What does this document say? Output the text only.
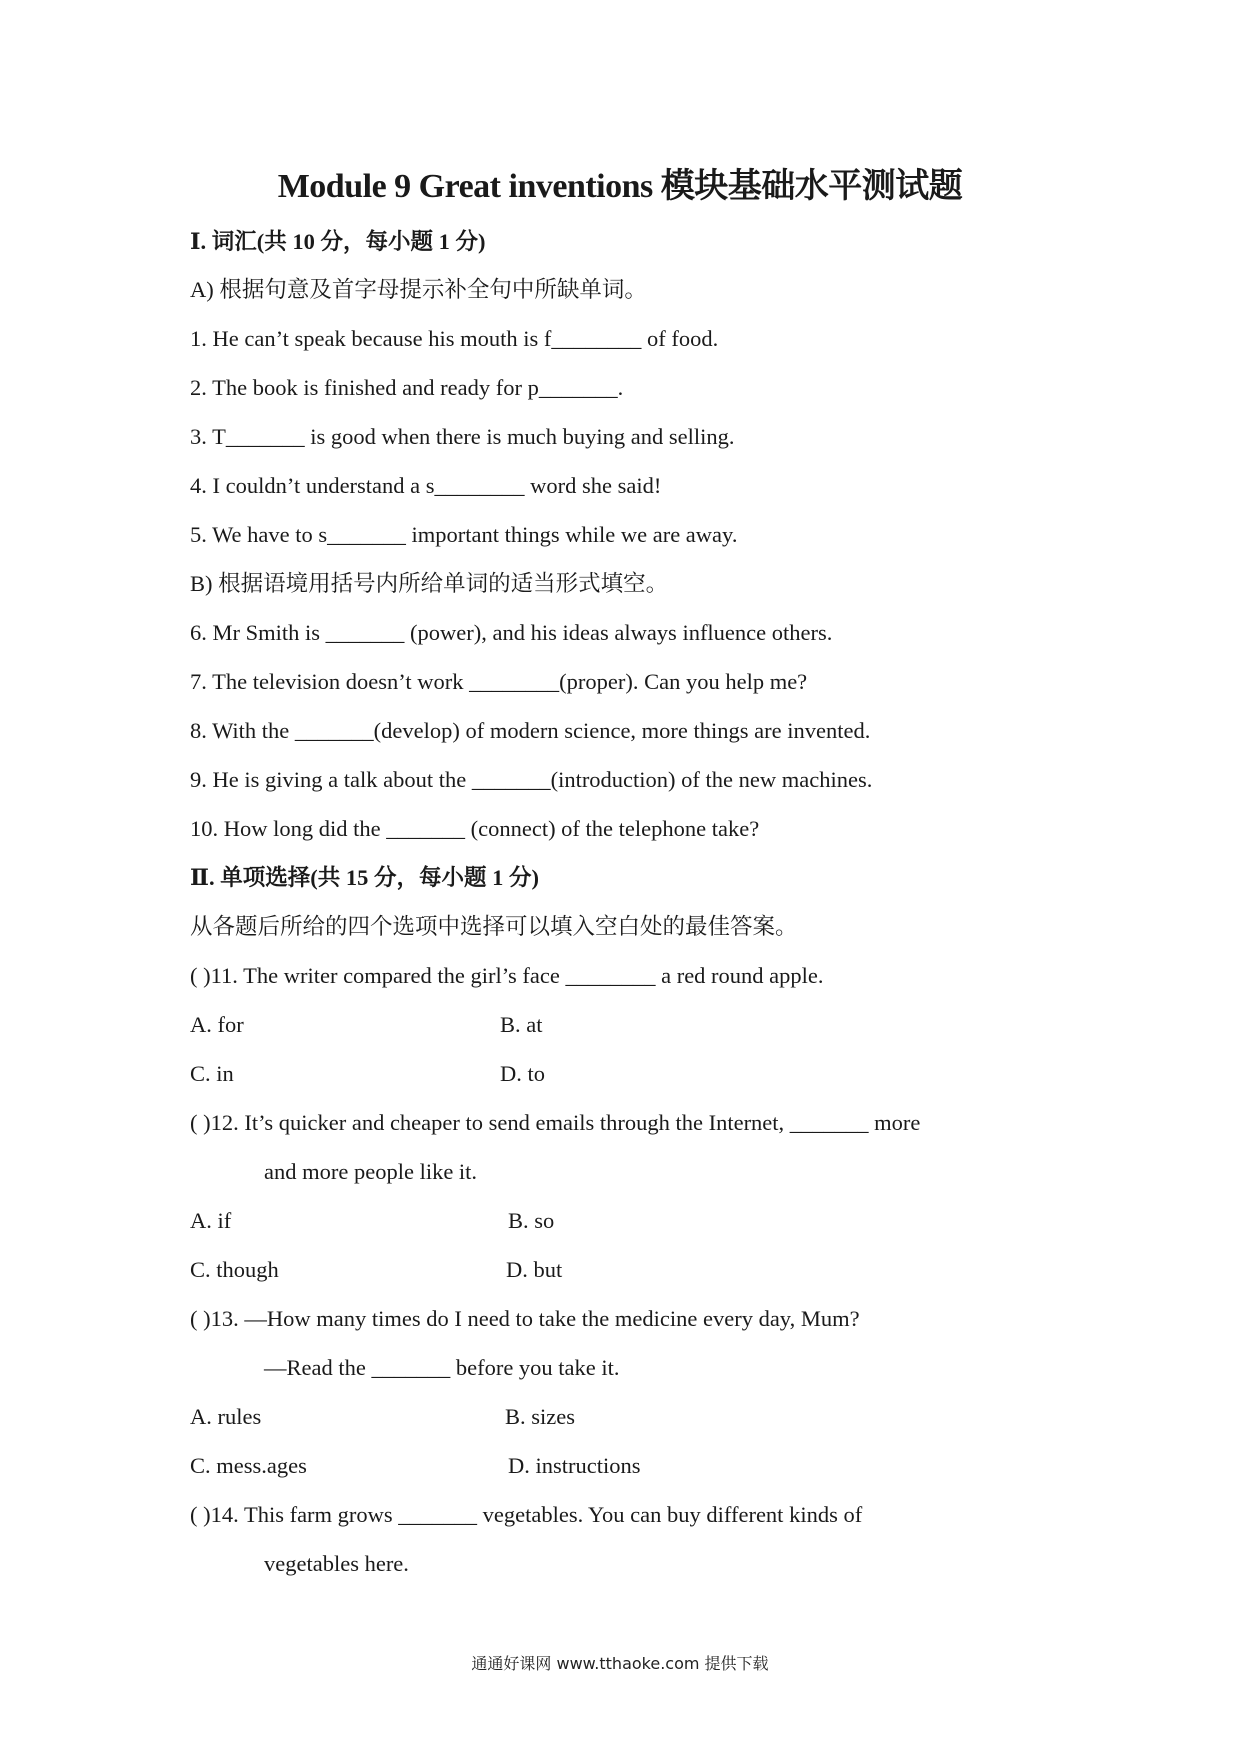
Module 9 Great inventions 模块基础水平测试题
Ⅰ. 词汇(共 10 分，每小题 1 分)
A) 根据句意及首字母提示补全句中所缺单词。
1. He can’t speak because his mouth is f________ of food.
2. The book is finished and ready for p_______.
3. T_______ is good when there is much buying and selling.
4. I couldn’t understand a s________ word she said!
5. We have to s_______ important things while we are away.
B) 根据语境用括号内所给单词的适当形式填空。
6. Mr Smith is _______ (power), and his ideas always influence others.
7. The television doesn’t work ________(proper). Can you help me?
8. With the _______(develop) of modern science, more things are invented.
9. He is giving a talk about the _______(introduction) of the new machines.
10. How long did the _______ (connect) of the telephone take?
Ⅱ. 单项选择(共 15 分，每小题 1 分)
从各题后所给的四个选项中选择可以填入空白处的最佳答案。
( )11. The writer compared the girl’s face ________ a red round apple.
A. for	B. at
C. in	D. to
( )12. It’s quicker and cheaper to send emails through the Internet, _______ more
and more people like it.
A. if	B. so
C. though	D. but
( )13. —How many times do I need to take the medicine every day, Mum?
—Read the _______ before you take it.
A. rules	B. sizes
C. mess.ages	D. instructions
( )14. This farm grows _______ vegetables. You can buy different kinds of
vegetables here.
通通好课网 www.tthaoke.com 提供下载
